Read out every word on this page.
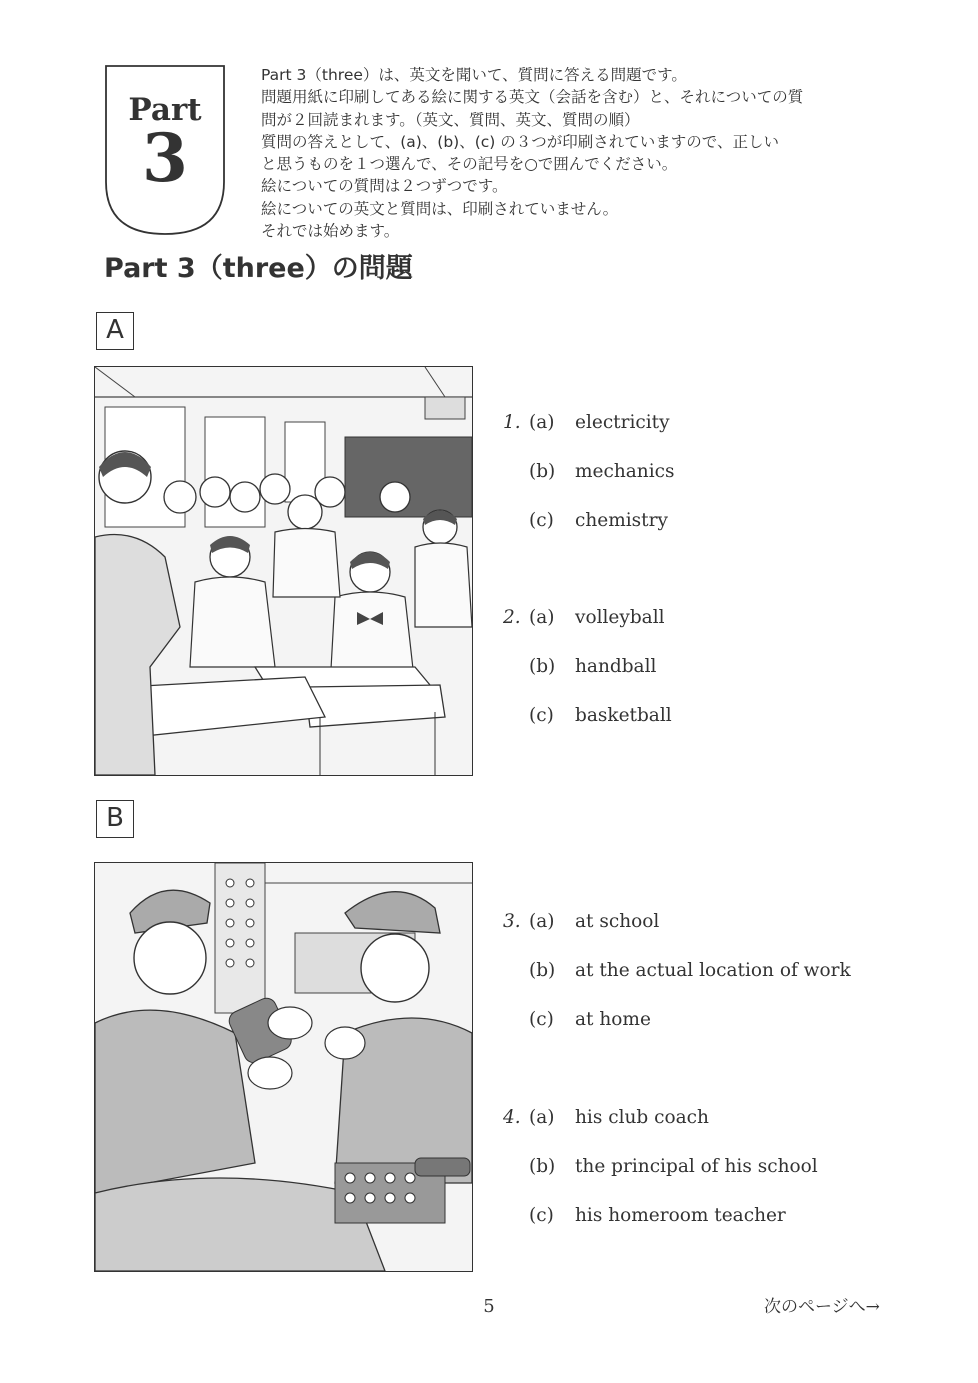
Part
3
Part 3（three）は、英文を聞いて、質問に答える問題です。
問題用紙に印刷してある絵に関する英文（会話を含む）と、それについての質
問が２回読まれます。（英文、質問、英文、質問の順）
質問の答えとして、(a)、(b)、(c) の３つが印刷されていますので、正しい
と思うものを１つ選んで、その記号を○で囲んでください。
絵についての質問は２つずつです。
絵についての英文と質問は、印刷されていません。
それでは始めます。
Part 3（three）の問題
A
1. (a) electricity
(b) mechanics
(c) chemistry
2. (a) volleyball
(b) handball
(c) basketball
B
3. (a) at school
(b) at the actual location of work
(c) at home
4. (a) his club coach
(b) the principal of his school
(c) his homeroom teacher
5	次のページへ→
